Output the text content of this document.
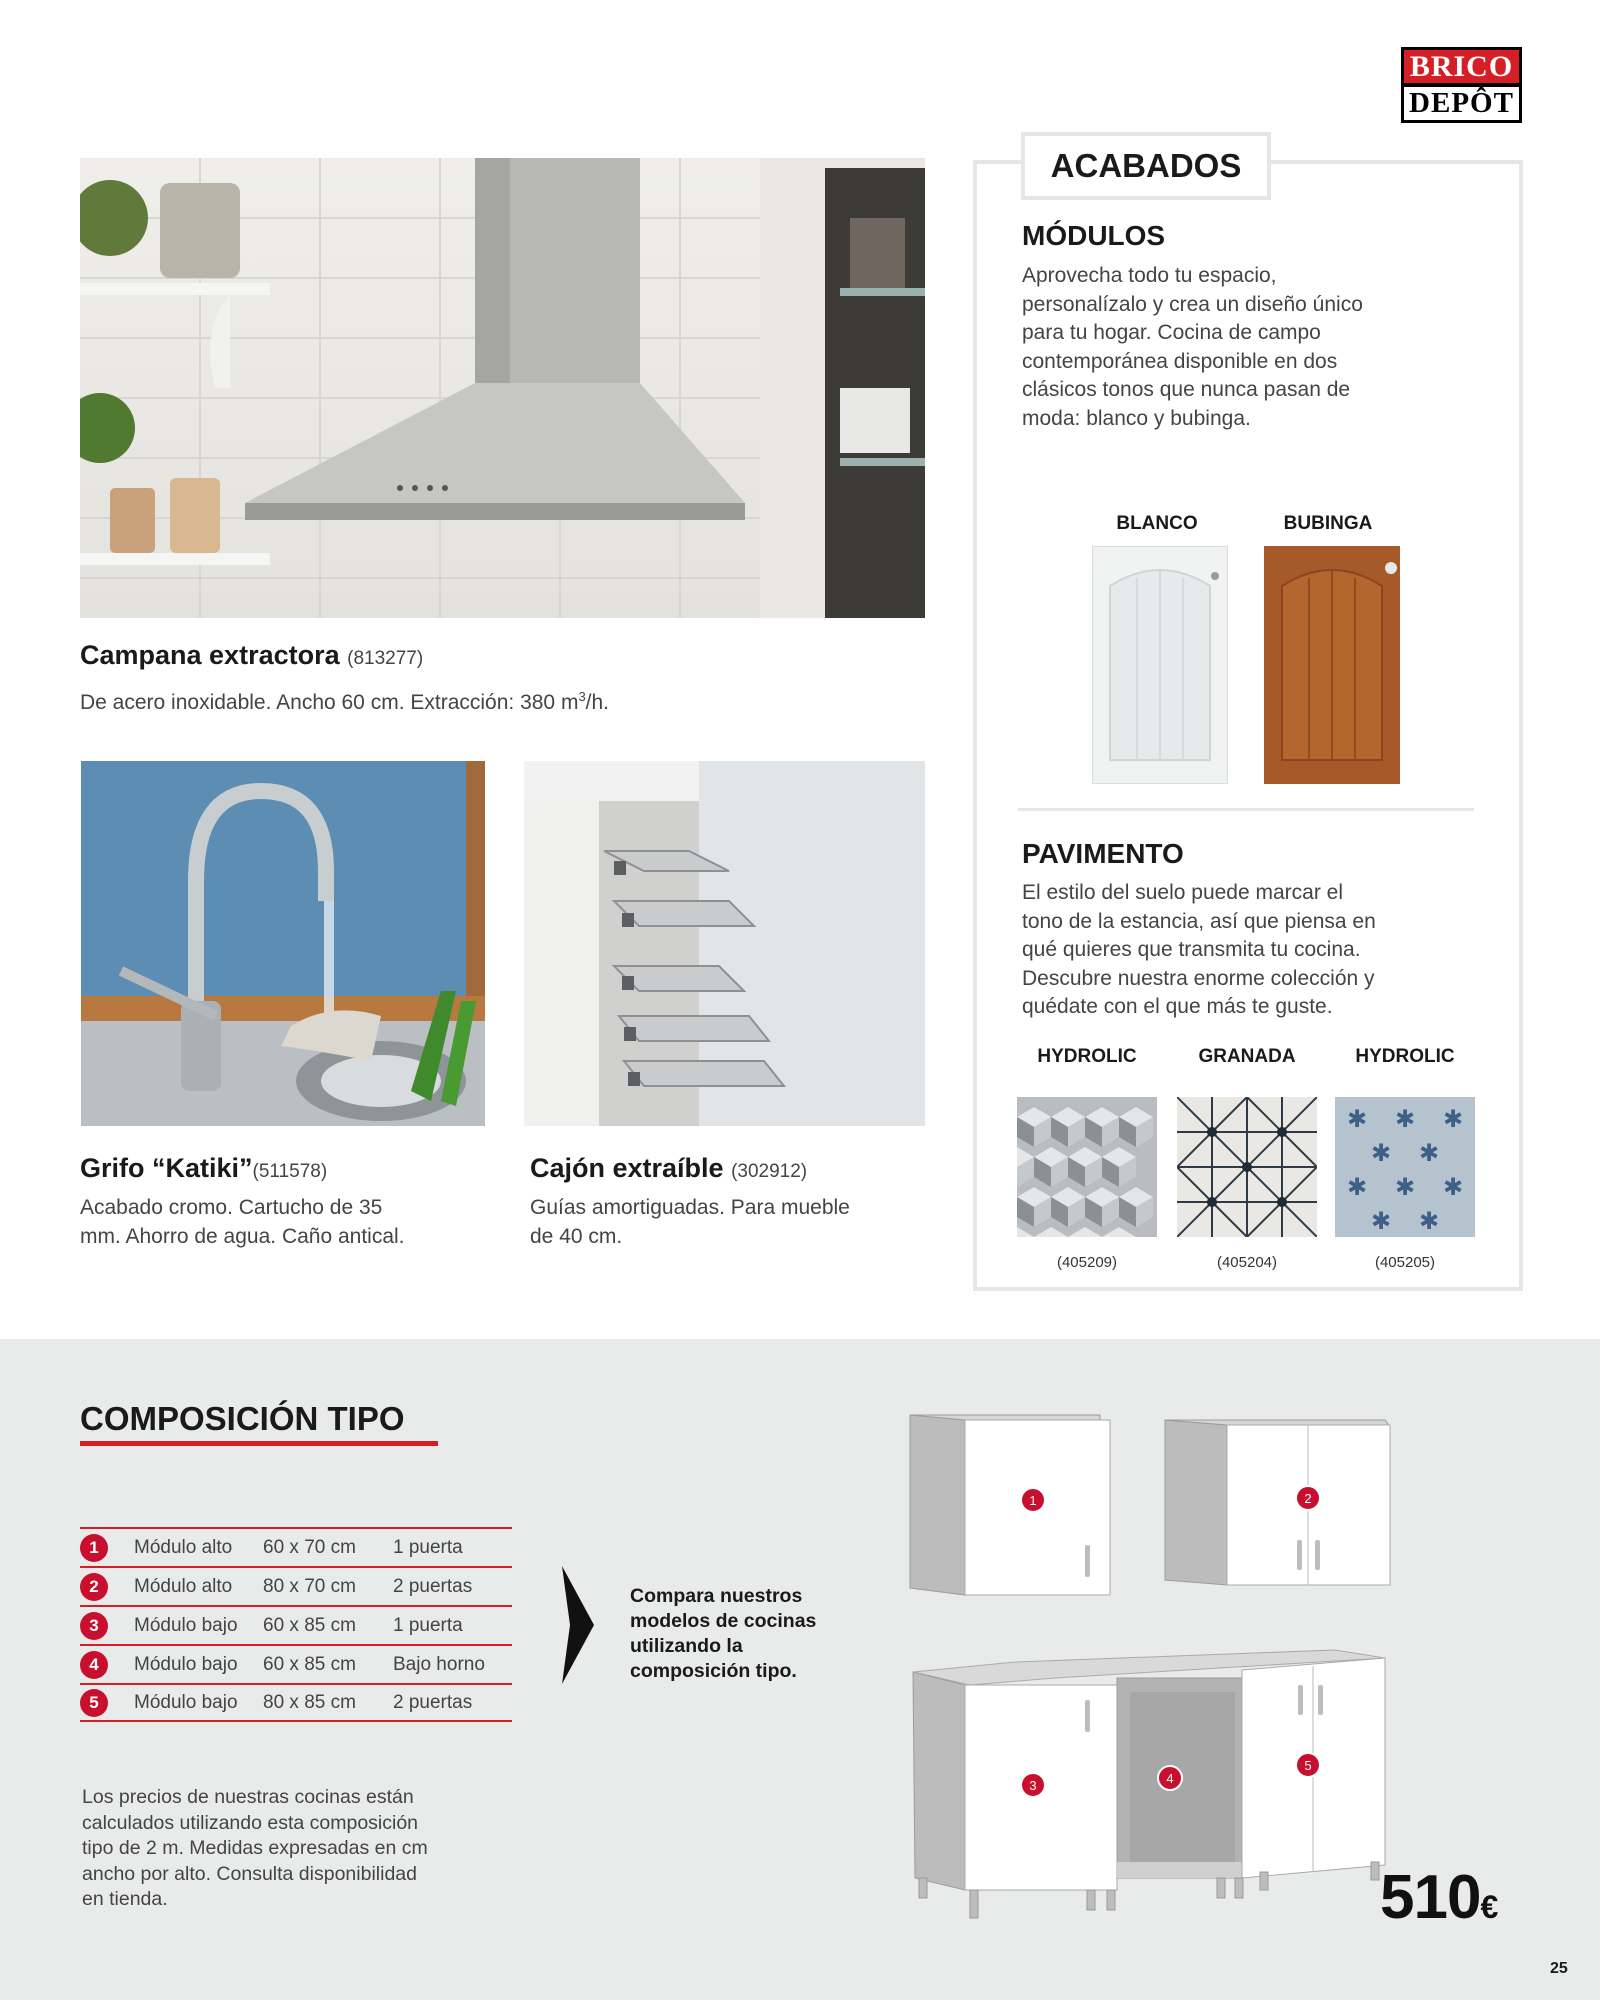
BRICO
DEPÔT
Campana extractora (813277)
De acero inoxidable. Ancho 60 cm. Extracción: 380 $m^3/h$.
Grifo “Katiki”(511578)
Acabado cromo. Cartucho de 35
mm. Ahorro de agua. Caño antical.
Cajón extraíble (302912)
Guías amortiguadas. Para mueble
de 40 cm.
ACABADOS
MÓDULOS
Aprovecha todo tu espacio,
personalízalo y crea un diseño único
para tu hogar. Cocina de campo
contemporánea disponible en dos
clásicos tonos que nunca pasan de
moda: blanco y bubinga.
BLANCO	BUBINGA
PAVIMENTO
El estilo del suelo puede marcar el
tono de la estancia, así que piensa en
qué quieres que transmita tu cocina.
Descubre nuestra enorme colección y
quédate con el que más te guste.
HYDROLIC	GRANADA	HYDROLIC
✱ ✱ ✱
✱ ✱
✱ ✱ ✱
✱ ✱
(405209)	(405204)	(405205)
COMPOSICIÓN TIPO
1	Módulo alto	60 x 70 cm	1 puerta
2	Módulo alto	80 x 70 cm	2 puertas
3	Módulo bajo	60 x 85 cm	1 puerta
4	Módulo bajo	60 x 85 cm	Bajo horno
5	Módulo bajo	80 x 85 cm	2 puertas
Los precios de nuestras cocinas están
calculados utilizando esta composición
tipo de 2 m. Medidas expresadas en cm
ancho por alto. Consulta disponibilidad
en tienda.
Compara nuestros
modelos de cocinas
utilizando la
composición tipo.
1	2
3	4
5
510€
25
